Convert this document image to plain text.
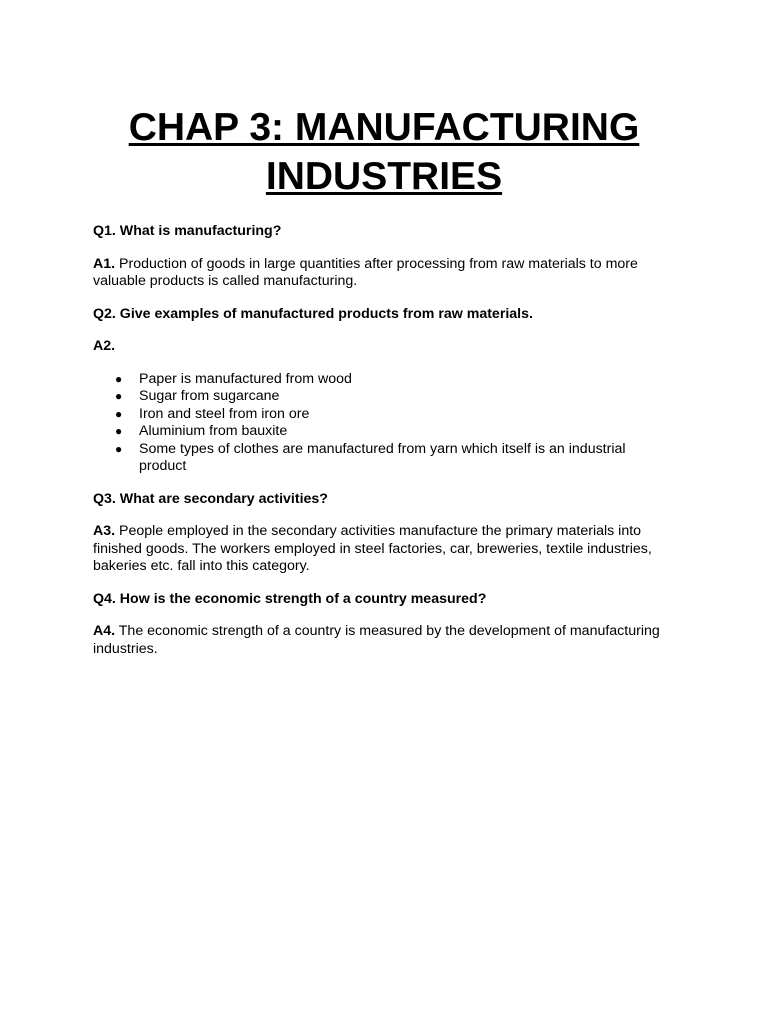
CHAP 3: MANUFACTURING
INDUSTRIES

Q1. What is manufacturing?

A1. Production of goods in large quantities after processing from raw materials to more valuable products is called manufacturing.

Q2. Give examples of manufactured products from raw materials.

A2.

● Paper is manufactured from wood
● Sugar from sugarcane
● Iron and steel from iron ore
● Aluminium from bauxite
● Some types of clothes are manufactured from yarn which itself is an industrial product

Q3. What are secondary activities?

A3. People employed in the secondary activities manufacture the primary materials into finished goods. The workers employed in steel factories, car, breweries, textile industries, bakeries etc. fall into this category.

Q4. How is the economic strength of a country measured?

A4. The economic strength of a country is measured by the development of manufacturing industries.
